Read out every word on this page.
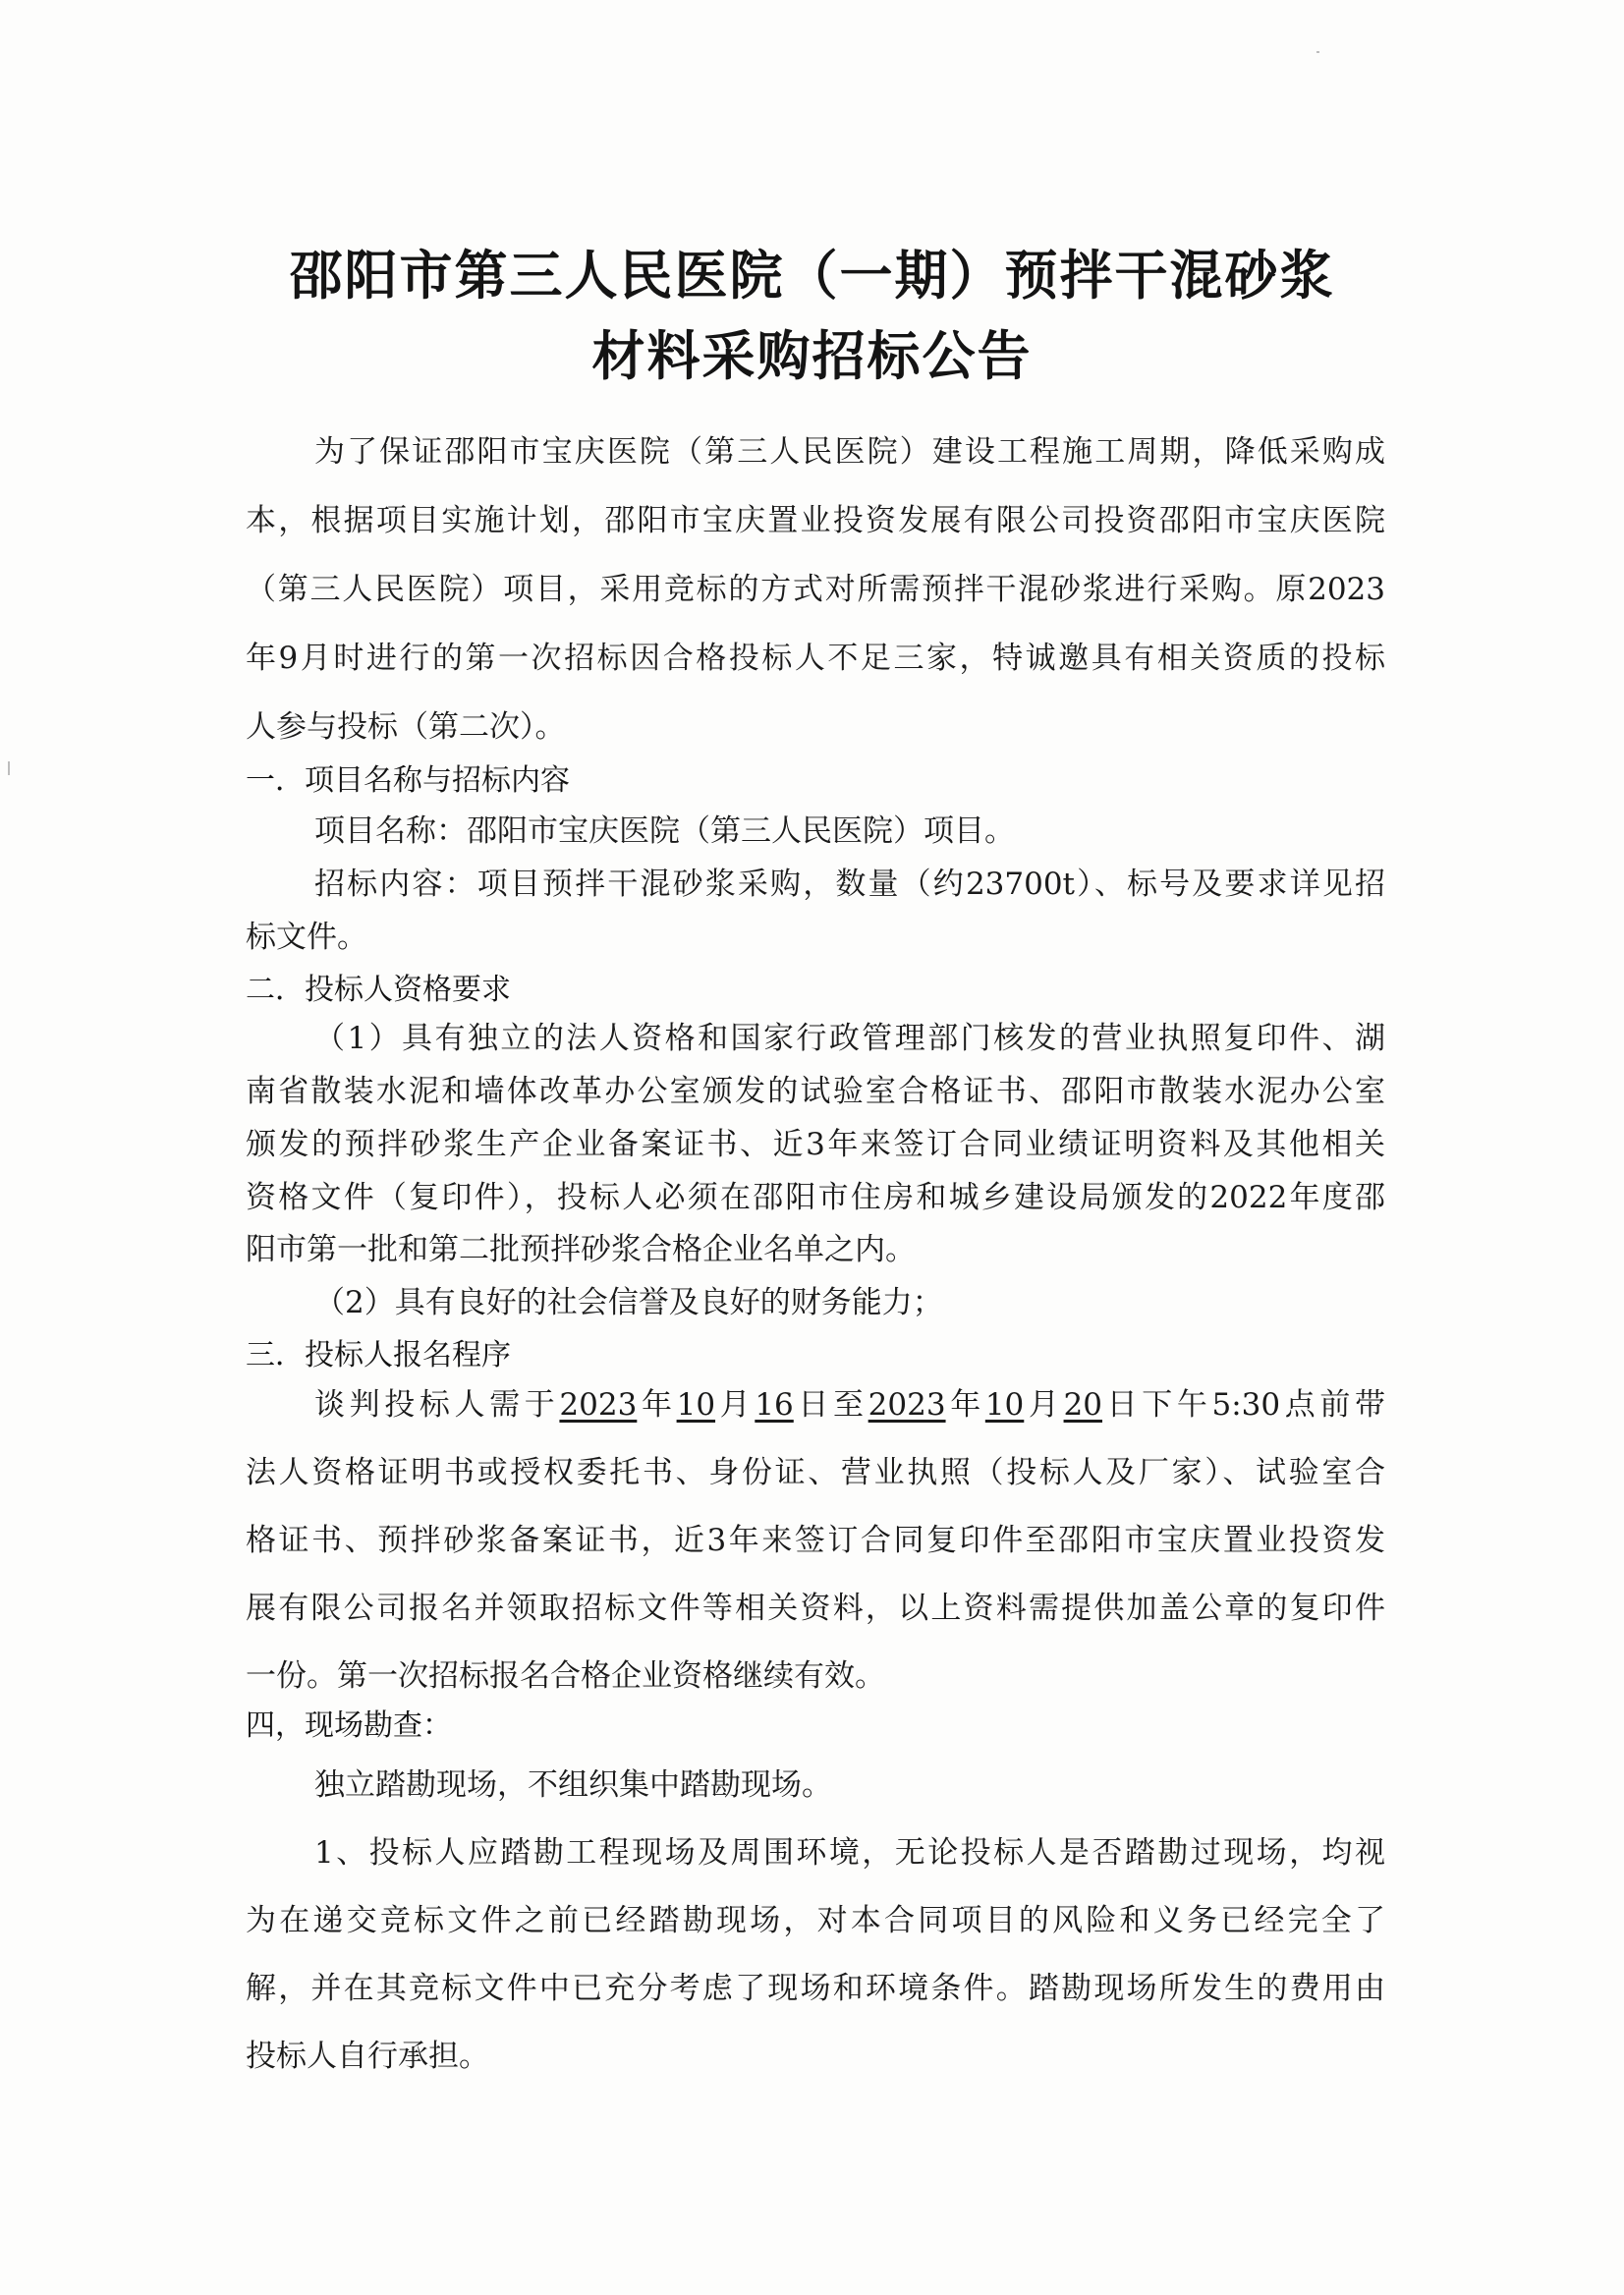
邵阳市第三人民医院（一期）预拌干混砂浆
材料采购招标公告
为了保证邵阳市宝庆医院（第三人民医院）建设工程施工周期，降低采购成
本，根据项目实施计划，邵阳市宝庆置业投资发展有限公司投资邵阳市宝庆医院
（第三人民医院）项目，采用竞标的方式对所需预拌干混砂浆进行采购。原2023
年9月时进行的第一次招标因合格投标人不足三家，特诚邀具有相关资质的投标
人参与投标（第二次）。
一．项目名称与招标内容
项目名称：邵阳市宝庆医院（第三人民医院）项目。
招标内容：项目预拌干混砂浆采购，数量（约23700t）、标号及要求详见招
标文件。
二．投标人资格要求
（1）具有独立的法人资格和国家行政管理部门核发的营业执照复印件、湖
南省散装水泥和墙体改革办公室颁发的试验室合格证书、邵阳市散装水泥办公室
颁发的预拌砂浆生产企业备案证书、近3年来签订合同业绩证明资料及其他相关
资格文件（复印件），投标人必须在邵阳市住房和城乡建设局颁发的2022年度邵
阳市第一批和第二批预拌砂浆合格企业名单之内。
（2）具有良好的社会信誉及良好的财务能力；
三．投标人报名程序
谈判投标人需于2023年10月16日至2023年10月20日下午5:30点前带
法人资格证明书或授权委托书、身份证、营业执照（投标人及厂家）、试验室合
格证书、预拌砂浆备案证书，近3年来签订合同复印件至邵阳市宝庆置业投资发
展有限公司报名并领取招标文件等相关资料，以上资料需提供加盖公章的复印件
一份。第一次招标报名合格企业资格继续有效。
四，现场勘查：
独立踏勘现场，不组织集中踏勘现场。
1、投标人应踏勘工程现场及周围环境，无论投标人是否踏勘过现场，均视
为在递交竞标文件之前已经踏勘现场，对本合同项目的风险和义务已经完全了
解，并在其竞标文件中已充分考虑了现场和环境条件。踏勘现场所发生的费用由
投标人自行承担。
